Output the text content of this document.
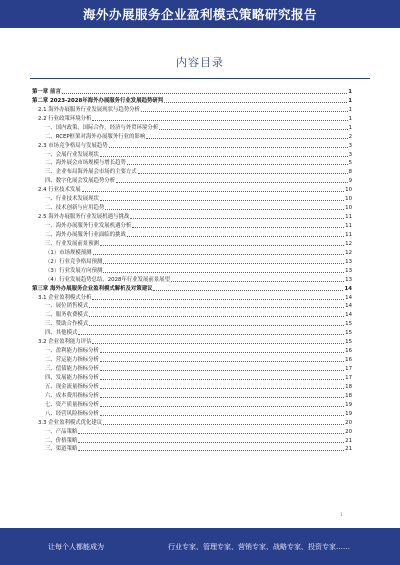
海外办展服务企业盈利模式策略研究报告
内容目录
第一章 前言	1
第二章 2023-2028年海外办展服务行业发展趋势研判	1
2.1 海外办展服务行业发展现状与趋势分析	1
2.2 行业政策环境分析	1
一、国内政策，国际合作，经济与外贸环境分析	1
二、RCEP框架对海外办展服务行业的影响	2
2.3 市场竞争格局与发展趋势	3
一、会展行业发展现状	3
二、海外展会市场规模与增长趋势	5
三、企业布局海外展会市场的主要方式	8
四、数字化展会发展趋势分析	9
2.4 行业技术发展	10
一、行业技术发展现状	10
二、技术创新与应用趋势	10
2.5 海外办展服务行业发展机遇与挑战	11
一、海外办展服务行业发展机遇分析	11
二、海外办展服务行业面临的挑战	11
三、行业发展前景预测	12
（1）市场规模预测	12
（2）行业竞争格局预测	13
（3）行业发展方向预测	13
（4）行业发展趋势总结，2028年行业发展前景展望	13
第三章 海外办展服务企业盈利模式解析及对策建议	14
3.1 企业盈利模式分析	14
一、展位销售模式	14
二、服务收费模式	14
三、赞助合作模式	15
四、其他模式	15
3.2 企业盈利能力评估	15
一、盈利能力指标分析	16
二、营运能力指标分析	16
三、偿债能力指标分析	17
四、发展能力指标分析	17
五、现金流量指标分析	18
六、成本费用指标分析	18
七、资产质量指标分析	19
八、经营风险指标分析	19
3.3 企业盈利模式优化建议	20
一、产品策略	20
二、价格策略	21
三、渠道策略	21
1
让每个人都能成为	行业专家、管理专家、营销专家、战略专家、投资专家……
